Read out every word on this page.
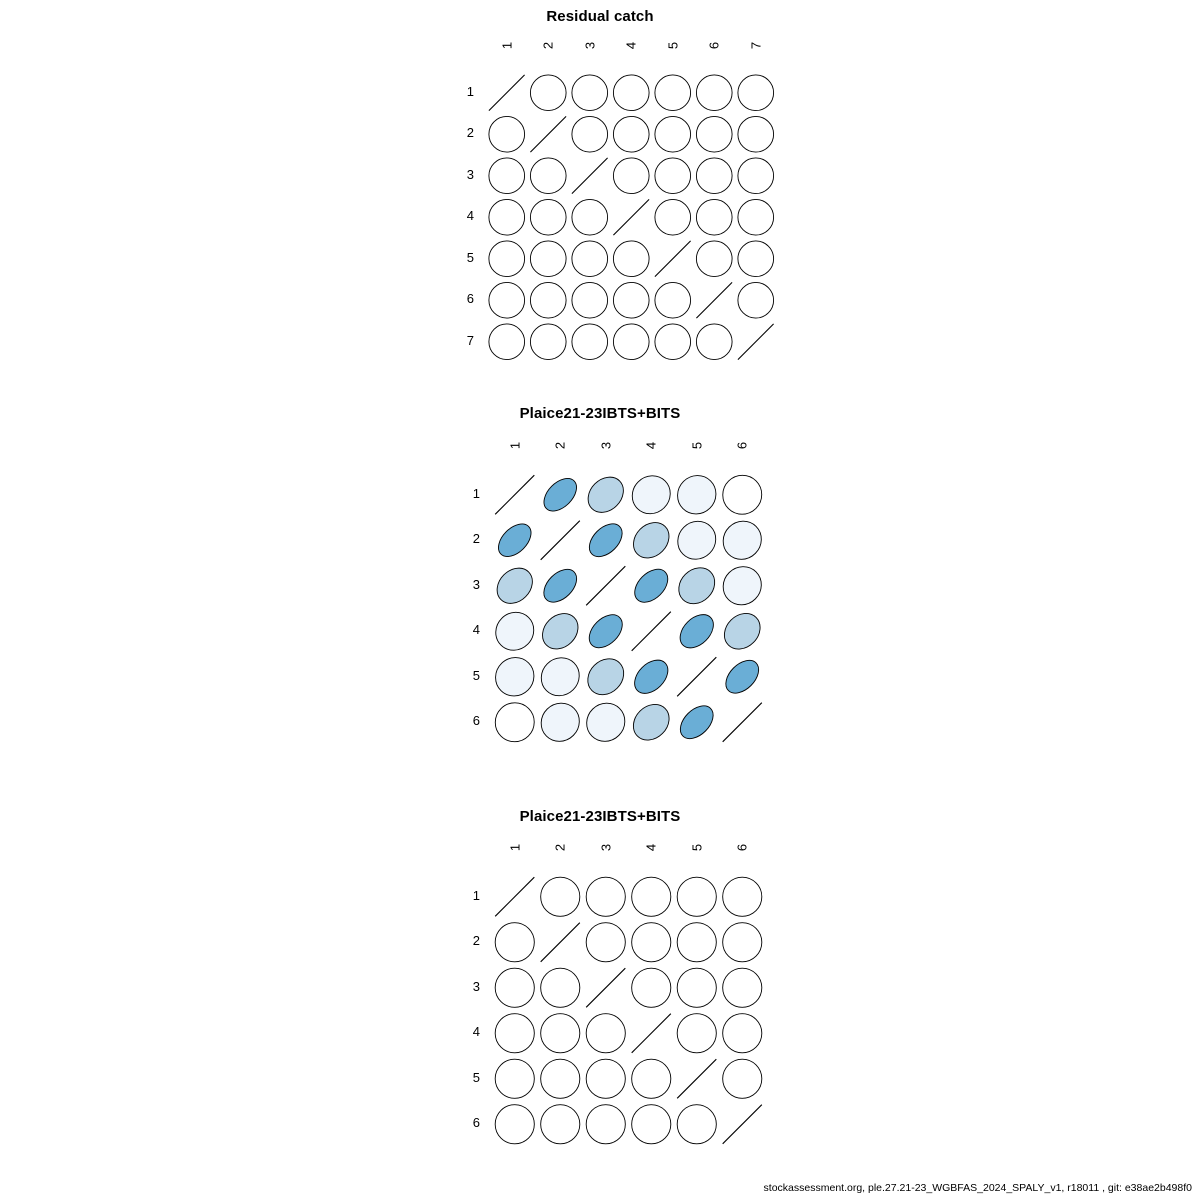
Residual catch
1 2 3 4 5 6 7
1
2
3
4
5
6
7
Plaice21-23IBTS+BITS
1 2 3 4 5 6
1
2
3
4
5
6
Plaice21-23IBTS+BITS
1 2 3 4 5 6
1
2
3
4
5
6
stockassessment.org, ple.27.21-23_WGBFAS_2024_SPALY_v1, r18011 , git: e38ae2b498f0
